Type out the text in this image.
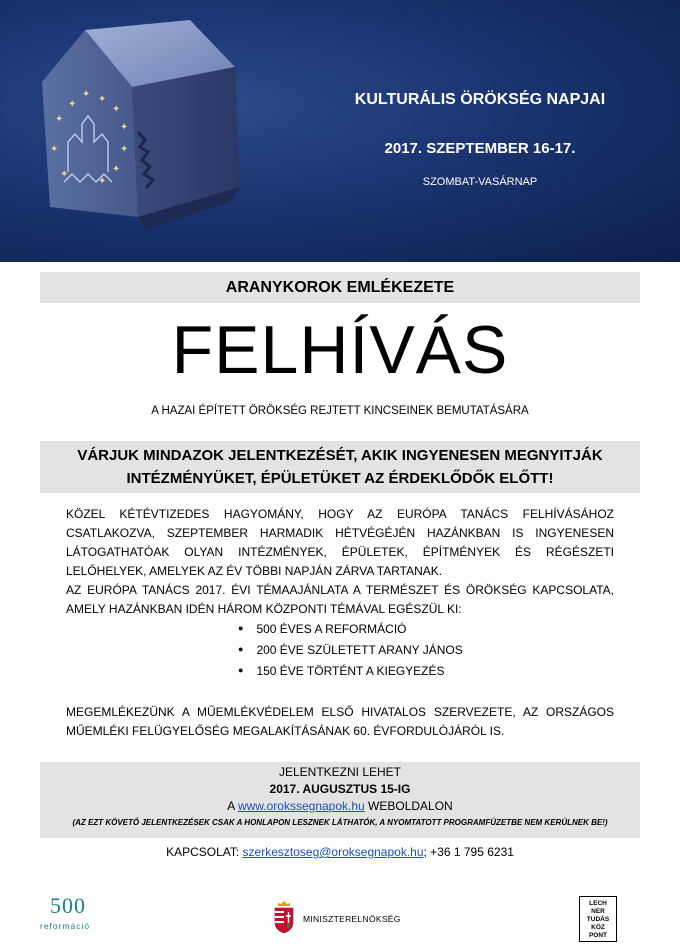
✦
✦
✦ ✦
✦
✦
✦
✦
✦
✦
✦
KULTURÁLIS ÖRÖKSÉG NAPJAI
2017. SZEPTEMBER 16-17.
SZOMBAT-VASÁRNAP
ARANYKOROK EMLÉKEZETE
FELHÍVÁS
A HAZAI ÉPÍTETT ÖRÖKSÉG REJTETT KINCSEINEK BEMUTATÁSÁRA
VÁRJUK MINDAZOK JELENTKEZÉSÉT, AKIK INGYENESEN MEGNYITJÁK
INTÉZMÉNYÜKET, ÉPÜLETÜKET AZ ÉRDEKLŐDŐK ELŐTT!

KÖZEL KÉTÉVTIZEDES HAGYOMÁNY, HOGY AZ EURÓPA TANÁCS FELHÍVÁSÁHOZ CSATLAKOZVA, SZEPTEMBER HARMADIK HÉTVÉGÉJÉN HAZÁNKBAN IS INGYENESEN LÁTOGATHATÓAK OLYAN INTÉZMÉNYEK, ÉPÜLETEK, ÉPÍTMÉNYEK ÉS RÉGÉSZETI LELŐHELYEK, AMELYEK AZ ÉV TÖBBI NAPJÁN ZÁRVA TARTANAK.

AZ EURÓPA TANÁCS 2017. ÉVI TÉMAAJÁNLATA A TERMÉSZET ÉS ÖRÖKSÉG KAPCSOLATA, AMELY HAZÁNKBAN IDÉN HÁROM KÖZPONTI TÉMÁVAL EGÉSZÜL KI:

● 500 ÉVES A REFORMÁCIÓ
● 200 ÉVE SZÜLETETT ARANY JÁNOS
● 150 ÉVE TÖRTÉNT A KIEGYEZÉS

MEGEMLÉKEZÜNK A MŰEMLÉKVÉDELEM ELSŐ HIVATALOS SZERVEZETE, AZ ORSZÁGOS MŰEMLÉKI FELÜGYELŐSÉG MEGALAKÍTÁSÁNAK 60. ÉVFORDULÓJÁRÓL IS.

JELENTKEZNI LEHET
2017. AUGUSZTUS 15-IG
A www.orokssegnapok.hu WEBOLDALON
(AZ EZT KÖVETŐ JELENTKEZÉSEK CSAK A HONLAPON LESZNEK LÁTHATÓK, A NYOMTATOTT PROGRAMFÜZETBE NEM KERÜLNEK BE!)
KAPCSOLAT: szerkesztoseg@oroksegnapok.hu; +36 1 795 6231
500
reformáció
MINISZTERELNÖKSÉG
LECH
NER
TUDÁS
KÖZ
PONT
